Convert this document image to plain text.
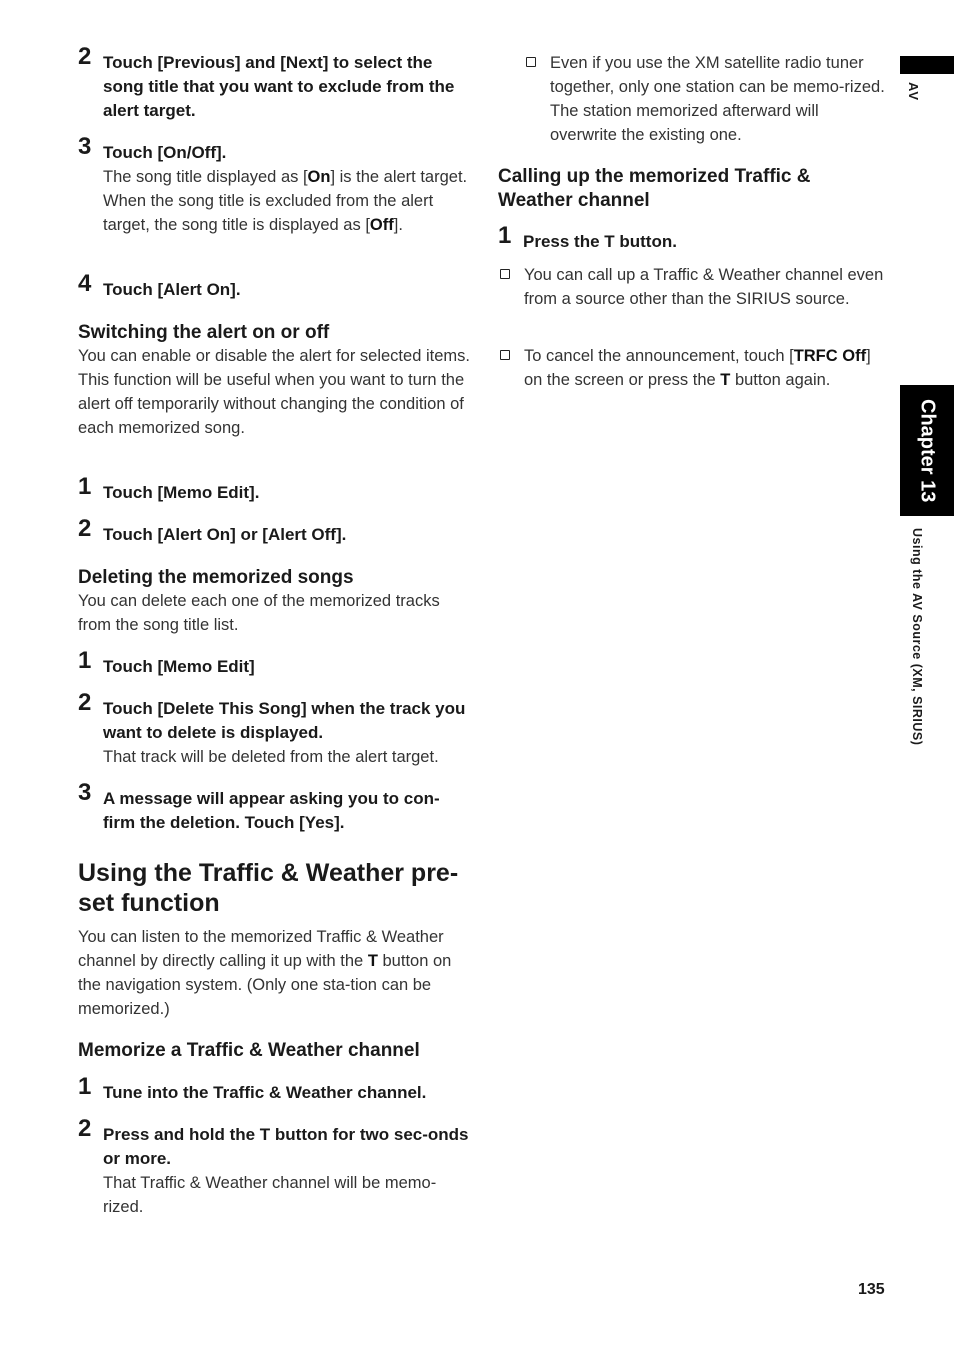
2 Touch [Previous] and [Next] to select the song title that you want to exclude from the alert target.
3 Touch [On/Off].
The song title displayed as [On] is the alert target. When the song title is excluded from the alert target, the song title is displayed as [Off].
4 Touch [Alert On].
Switching the alert on or off
You can enable or disable the alert for selected items.
This function will be useful when you want to turn the alert off temporarily without changing the condition of each memorized song.
1 Touch [Memo Edit].
2 Touch [Alert On] or [Alert Off].
Deleting the memorized songs
You can delete each one of the memorized tracks from the song title list.
1 Touch [Memo Edit]
2 Touch [Delete This Song] when the track you want to delete is displayed.
That track will be deleted from the alert target.
3 A message will appear asking you to con-firm the deletion. Touch [Yes].
Using the Traffic & Weather pre-set function
You can listen to the memorized Traffic & Weather channel by directly calling it up with the T button on the navigation system. (Only one sta-tion can be memorized.)
Memorize a Traffic & Weather channel
1 Tune into the Traffic & Weather channel.
2 Press and hold the T button for two sec-onds or more.
That Traffic & Weather channel will be memo-rized.
Even if you use the XM satellite radio tuner together, only one station can be memo-rized. The station memorized afterward will overwrite the existing one.
Calling up the memorized Traffic & Weather channel
1 Press the T button.
You can call up a Traffic & Weather channel even from a source other than the SIRIUS source.
To cancel the announcement, touch [TRFC Off] on the screen or press the T button again.
AV
Chapter 13
Using the AV Source (XM, SIRIUS)
135
